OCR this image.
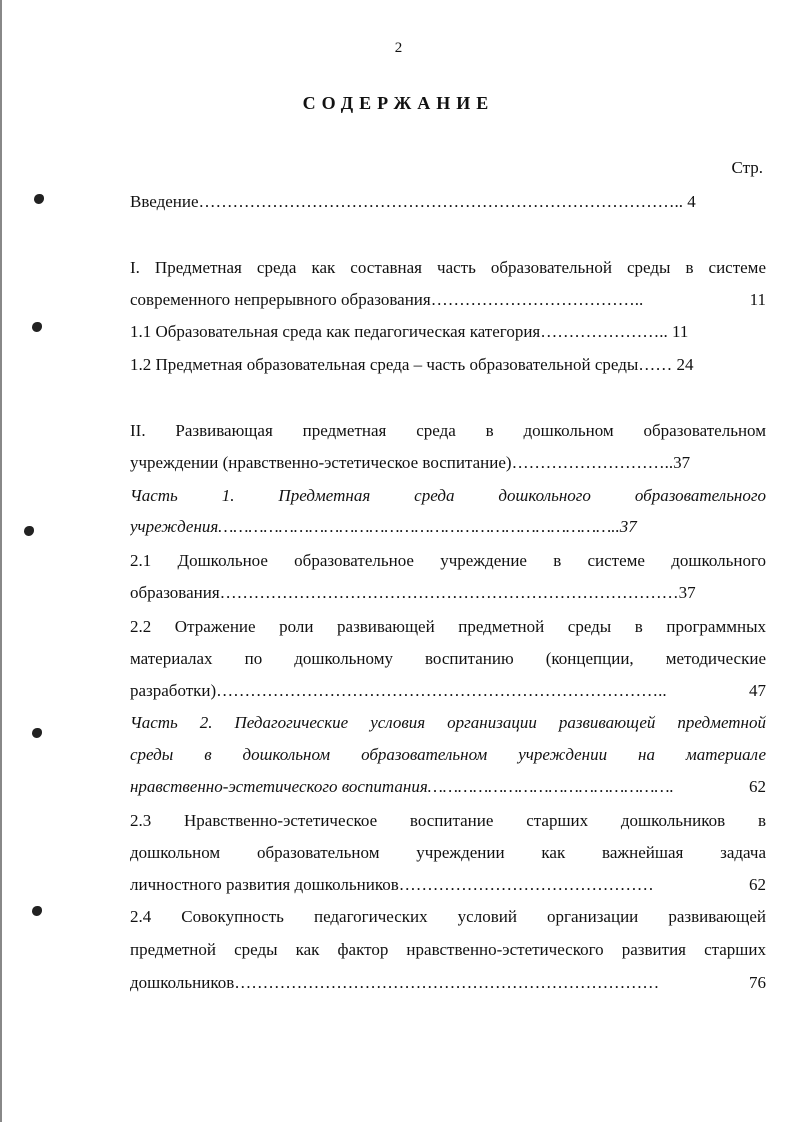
2
СОДЕРЖАНИЕ
Стр.
Введение………………………………………………………………………….. 4
I. Предметная среда как составная часть образовательной среды в системе
современного непрерывного образования………………………………..	11
1.1 Образовательная среда как педагогическая категория………………….. 11
1.2 Предметная образовательная среда – часть образовательной среды…… 24
II. Развивающая предметная среда в дошкольном образовательном
учреждении (нравственно-эстетическое воспитание)………………………..37
Часть 1. Предметная среда дошкольного образовательного
учреждения……………………………………………………………………..37
2.1 Дошкольное образовательное учреждение в системе дошкольного
образования………………………………………………………………………37
2.2 Отражение роли развивающей предметной среды в программных
материалах по дошкольному воспитанию (концепции, методические
разработки)……………………………………………………………………..	47
Часть 2. Педагогические условия организации развивающей предметной
среды в дошкольном образовательном учреждении на материале
нравственно-эстетического воспитания………………………………………….	62
2.3 Нравственно-эстетическое воспитание старших дошкольников в
дошкольном образовательном учреждении как важнейшая задача
личностного развития дошкольников………………………………………	62
2.4 Совокупность педагогических условий организации развивающей
предметной среды как фактор нравственно-эстетического развития старших
дошкольников…………………………………………………………………	76
